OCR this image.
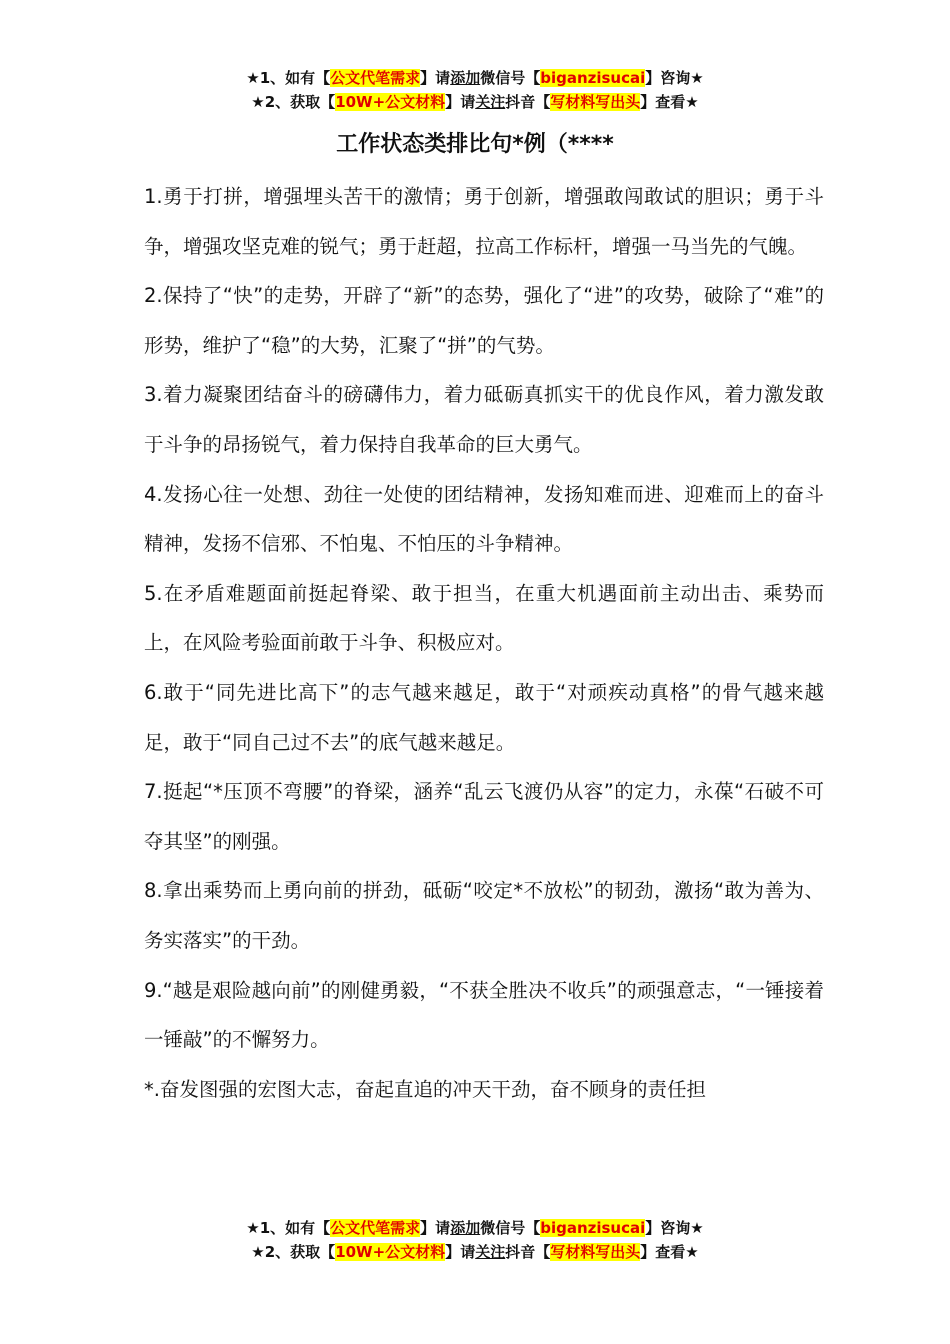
★1、如有【公文代笔需求】请添加微信号【biganzisucai】咨询★
★2、获取【10W+公文材料】请关注抖音【写材料写出头】查看★
工作状态类排比句*例（****

1.勇于打拼，增强埋头苦干的激情；勇于创新，增强敢闯敢试的胆识；勇于斗争，增强攻坚克难的锐气；勇于赶超，拉高工作标杆，增强一马当先的气魄。

2.保持了“快”的走势，开辟了“新”的态势，强化了“进”的攻势，破除了“难”的形势，维护了“稳”的大势，汇聚了“拼”的气势。

3.着力凝聚团结奋斗的磅礴伟力，着力砥砺真抓实干的优良作风，着力激发敢于斗争的昂扬锐气，着力保持自我革命的巨大勇气。

4.发扬心往一处想、劲往一处使的团结精神，发扬知难而进、迎难而上的奋斗精神，发扬不信邪、不怕鬼、不怕压的斗争精神。

5.在矛盾难题面前挺起脊梁、敢于担当，在重大机遇面前主动出击、乘势而上，在风险考验面前敢于斗争、积极应对。

6.敢于“同先进比高下”的志气越来越足，敢于“对顽疾动真格”的骨气越来越足，敢于“同自己过不去”的底气越来越足。

7.挺起“*压顶不弯腰”的脊梁，涵养“乱云飞渡仍从容”的定力，永葆“石破不可夺其坚”的刚强。

8.拿出乘势而上勇向前的拼劲，砥砺“咬定*不放松”的韧劲，激扬“敢为善为、务实落实”的干劲。

9.“越是艰险越向前”的刚健勇毅，“不获全胜决不收兵”的顽强意志，“一锤接着一锤敲”的不懈努力。

*.奋发图强的宏图大志，奋起直追的冲天干劲，奋不顾身的责任担

★1、如有【公文代笔需求】请添加微信号【biganzisucai】咨询★
★2、获取【10W+公文材料】请关注抖音【写材料写出头】查看★
